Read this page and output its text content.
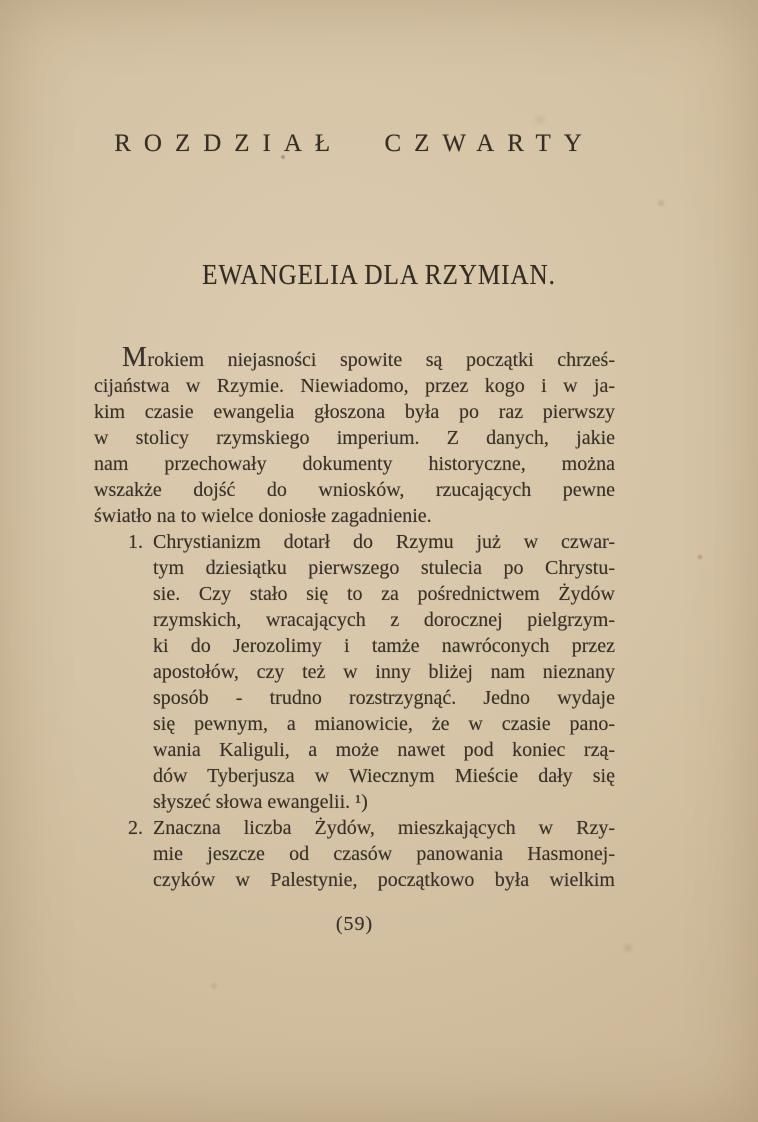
ROZDZIAŁ CZWARTY
EWANGELIA DLA RZYMIAN.
Mrokiem niejasności spowite są początki chrześ-
cijaństwa w Rzymie. Niewiadomo, przez kogo i w ja-
kim czasie ewangelia głoszona była po raz pierwszy
w stolicy rzymskiego imperium. Z danych, jakie
nam przechowały dokumenty historyczne, można
wszakże dojść do wniosków, rzucających pewne
światło na to wielce doniosłe zagadnienie.
1. Chrystianizm dotarł do Rzymu już w czwar-
tym dziesiątku pierwszego stulecia po Chrystu-
sie. Czy stało się to za pośrednictwem Żydów
rzymskich, wracających z dorocznej pielgrzym-
ki do Jerozolimy i tamże nawróconych przez
apostołów, czy też w inny bliżej nam nieznany
sposób - trudno rozstrzygnąć. Jedno wydaje
się pewnym, a mianowicie, że w czasie pano-
wania Kaliguli, a może nawet pod koniec rzą-
dów Tyberjusza w Wiecznym Mieście dały się
słyszeć słowa ewangelii. ¹)
2. Znaczna liczba Żydów, mieszkających w Rzy-
mie jeszcze od czasów panowania Hasmonej-
czyków w Palestynie, początkowo była wielkim
(59)
